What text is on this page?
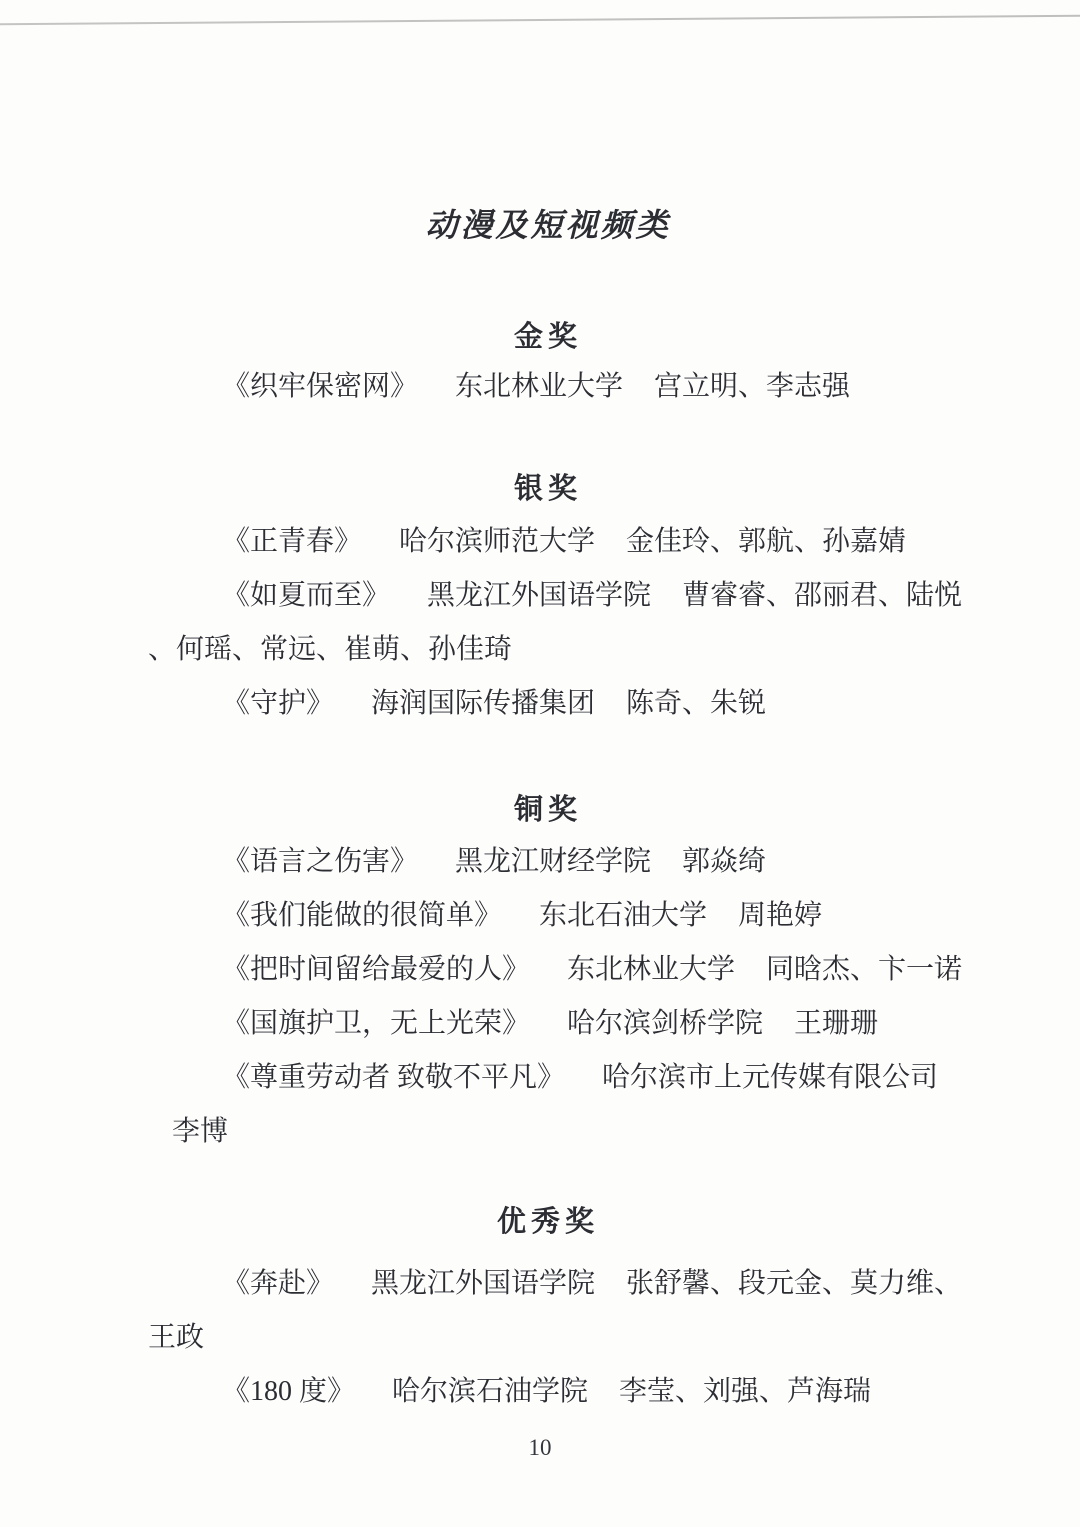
动漫及短视频类
金奖

《织牢保密网》 东北林业大学 宫立明、李志强

银奖

《正青春》 哈尔滨师范大学 金佳玲、郭航、孙嘉婧

《如夏而至》 黑龙江外国语学院 曹睿睿、邵丽君、陆悦、何瑶、常远、崔萌、孙佳琦

《守护》 海润国际传播集团 陈奇、朱锐

铜奖

《语言之伤害》 黑龙江财经学院 郭焱绮

《我们能做的很简单》 东北石油大学 周艳婷

《把时间留给最爱的人》 东北林业大学 同晗杰、卞一诺

《国旗护卫，无上光荣》 哈尔滨剑桥学院 王珊珊

《尊重劳动者 致敬不平凡》 哈尔滨市上元传媒有限公司 李博

优秀奖

《奔赴》 黑龙江外国语学院 张舒馨、段元金、莫力维、王政

《180 度》 哈尔滨石油学院 李莹、刘强、芦海瑞

10
